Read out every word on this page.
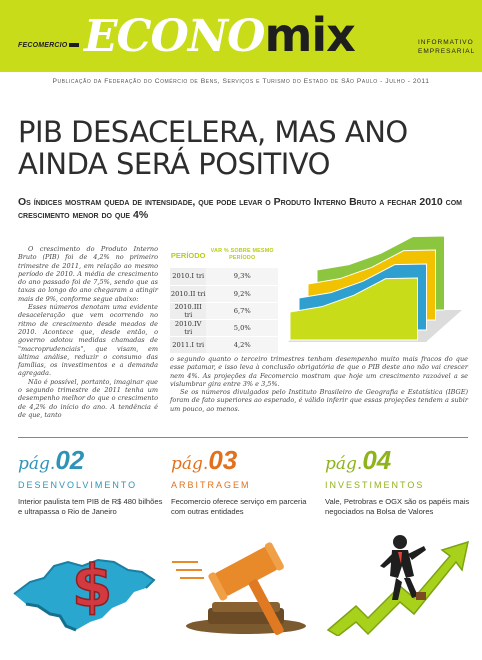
FECOMERCIO ECONOmix	INFORMATIVO
EMPRESARIAL
Publicação da Federação do Comércio de Bens, Serviços e Turismo do Estado de São Paulo - Julho - 2011
PIB DESACELERA, MAS ANO
AINDA SERÁ POSITIVO
Os índices mostram queda de intensidade, que pode levar o Produto Interno Bruto a fechar 2010 com crescimento menor do que 4%

O crescimento do Produto Interno Bruto (PIB) foi de 4,2% no primeiro trimestre de 2011, em relação ao mesmo período de 2010. A média de crescimento do ano passado foi de 7,5%, sendo que as taxas ao longo do ano chegaram a atingir mais de 9%, conforme segue abaixo:

Esses números denotam uma evidente desaceleração que vem ocorrendo no ritmo de crescimento desde meados de 2010. Acontece que, desde então, o governo adotou medidas chamadas de "macroprudenciais", que visam, em última análise, reduzir o consumo das famílias, os investimentos e a demanda agregada.

Não é possível, portanto, imaginar que o segundo trimestre de 2011 tenha um desempenho melhor do que o crescimento de 4,2% do início do ano. A tendência é de que, tanto

PERÍODO	VAR % SOBRE MESMO PERÍODO
2010.I tri	9,3%
2010.II tri	9,2%
2010.III tri	6,7%
2010.IV tri	5,0%
2011.I tri	4,2%

o segundo quanto o terceiro trimestres tenham desempenho muito mais fracos do que esse patamar, e isso leva à conclusão obrigatória de que o PIB deste ano não vai crescer nem 4%. As projeções da Fecomercio mostram que hoje um crescimento razoável a se vislumbrar gira entre 3% e 3,5%.

Se os números divulgados pelo Instituto Brasileiro de Geografia e Estatística (IBGE) foram de fato superiores ao esperado, é válido inferir que essas projeções tendem a subir um pouco, ao menos.

pág.02
DESENVOLVIMENTO
Interior paulista tem PIB de R$ 480 bilhões e ultrapassa o Rio de Janeiro
pág.03
ARBITRAGEM
Fecomercio oferece serviço em parceria com outras entidades
pág.04
INVESTIMENTOS
Vale, Petrobras e OGX são os papéis mais negociados na Bolsa de Valores
$
